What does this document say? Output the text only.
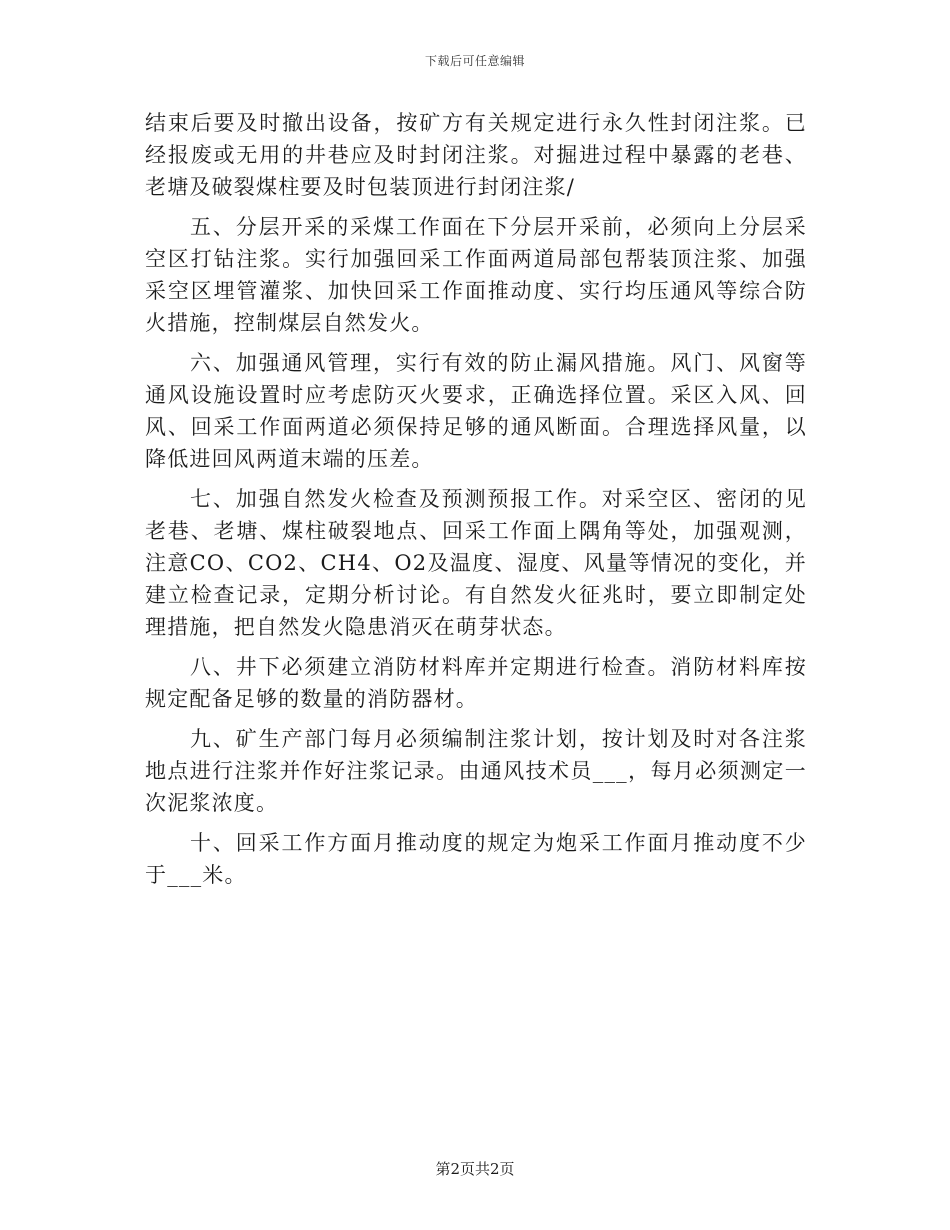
下载后可任意编辑

结束后要及时撤出设备，按矿方有关规定进行永久性封闭注浆。已经报废或无用的井巷应及时封闭注浆。对掘进过程中暴露的老巷、老塘及破裂煤柱要及时包装顶进行封闭注浆/

五、分层开采的采煤工作面在下分层开采前，必须向上分层采空区打钻注浆。实行加强回采工作面两道局部包帮装顶注浆、加强采空区埋管灌浆、加快回采工作面推动度、实行均压通风等综合防火措施，控制煤层自然发火。

六、加强通风管理，实行有效的防止漏风措施。风门、风窗等通风设施设置时应考虑防灭火要求，正确选择位置。采区入风、回风、回采工作面两道必须保持足够的通风断面。合理选择风量，以降低进回风两道末端的压差。

七、加强自然发火检查及预测预报工作。对采空区、密闭的见老巷、老塘、煤柱破裂地点、回采工作面上隅角等处，加强观测，注意CO、CO2、CH4、O2及温度、湿度、风量等情况的变化，并建立检查记录，定期分析讨论。有自然发火征兆时，要立即制定处理措施，把自然发火隐患消灭在萌芽状态。

八、井下必须建立消防材料库并定期进行检查。消防材料库按规定配备足够的数量的消防器材。

九、矿生产部门每月必须编制注浆计划，按计划及时对各注浆地点进行注浆并作好注浆记录。由通风技术员___，每月必须测定一次泥浆浓度。

十、回采工作方面月推动度的规定为炮采工作面月推动度不少于___米。

第2页共2页
